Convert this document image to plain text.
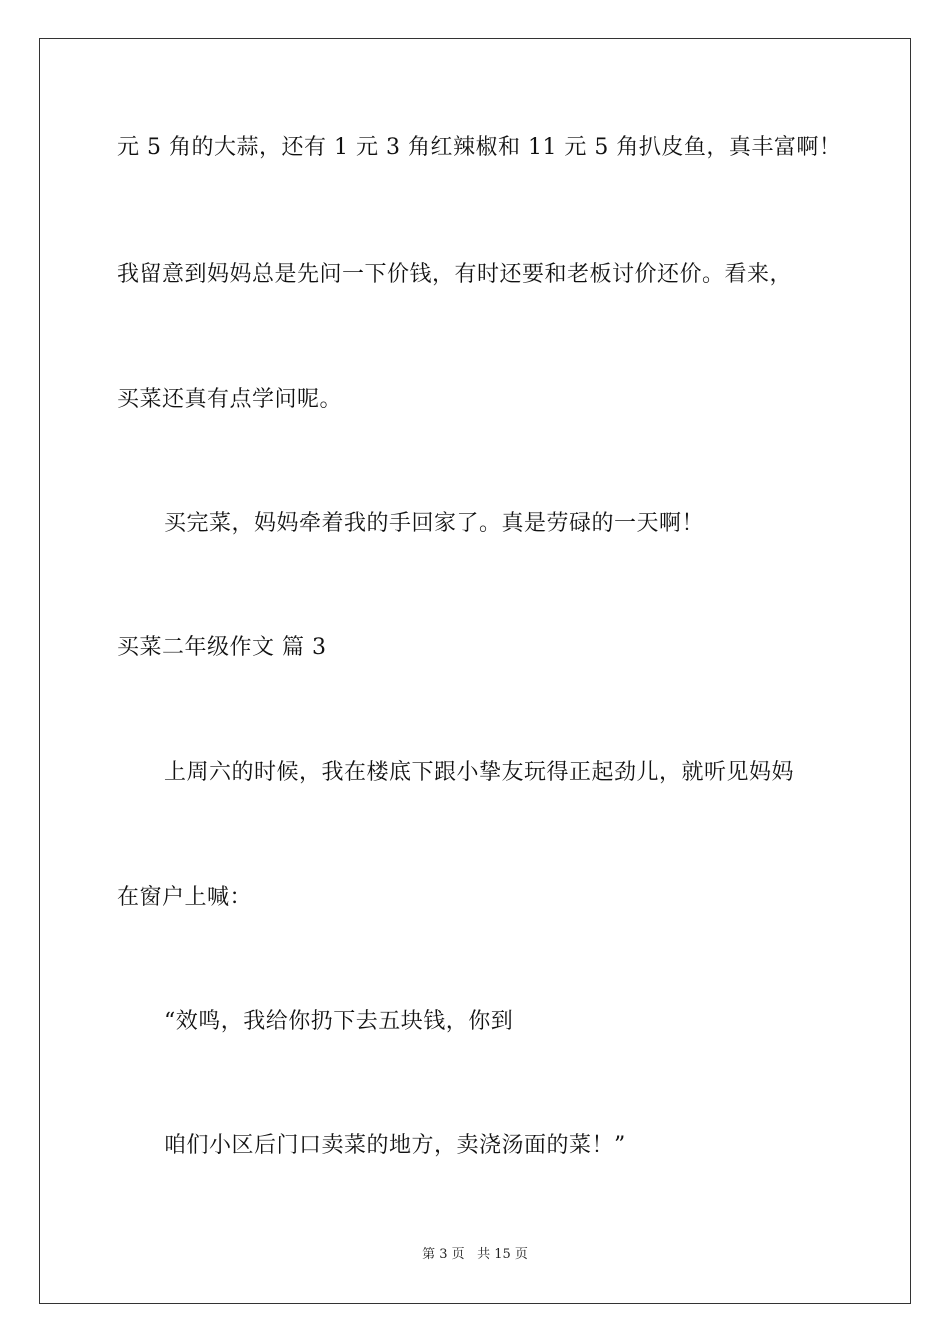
元 5 角的大蒜，还有 1 元 3 角红辣椒和 11 元 5 角扒皮鱼，真丰富啊！
我留意到妈妈总是先问一下价钱，有时还要和老板讨价还价。看来，
买菜还真有点学问呢。
买完菜，妈妈牵着我的手回家了。真是劳碌的一天啊！
买菜二年级作文 篇 3
上周六的时候，我在楼底下跟小挚友玩得正起劲儿，就听见妈妈
在窗户上喊：
“效鸣，我给你扔下去五块钱，你到
咱们小区后门口卖菜的地方，卖浇汤面的菜！”
第 3 页 共 15 页
